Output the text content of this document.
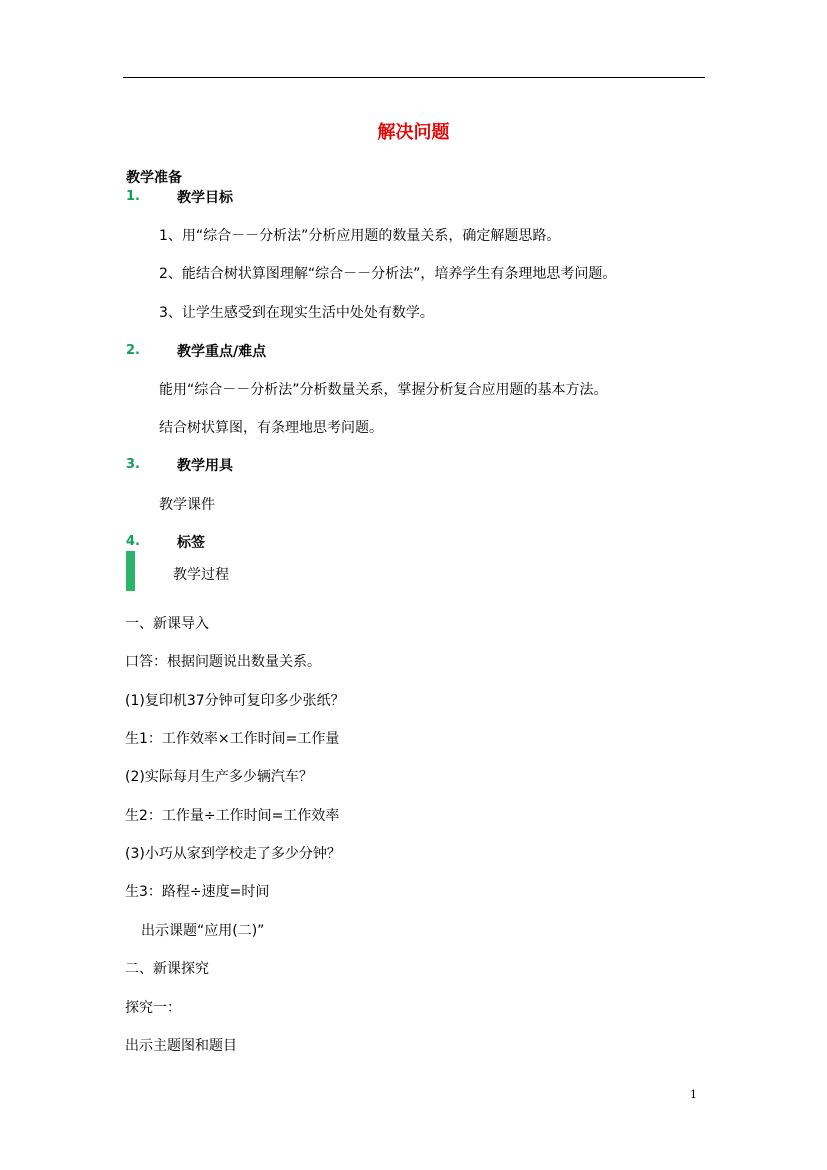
解决问题
教学准备
1.	教学目标
1、用“综合－－分析法”分析应用题的数量关系，确定解题思路。
2、能结合树状算图理解“综合－－分析法”，培养学生有条理地思考问题。
3、让学生感受到在现实生活中处处有数学。
2.	教学重点/难点
能用“综合－－分析法”分析数量关系，掌握分析复合应用题的基本方法。
结合树状算图，有条理地思考问题。
3.	教学用具
教学课件
4.	标签
教学过程
一、新课导入
口答：根据问题说出数量关系。
(1)复印机37分钟可复印多少张纸？
生1：工作效率×工作时间=工作量
(2)实际每月生产多少辆汽车？
生2：工作量÷工作时间=工作效率
(3)小巧从家到学校走了多少分钟？
生3：路程÷速度=时间
出示课题“应用(二)”
二、新课探究
探究一：
出示主题图和题目
1
